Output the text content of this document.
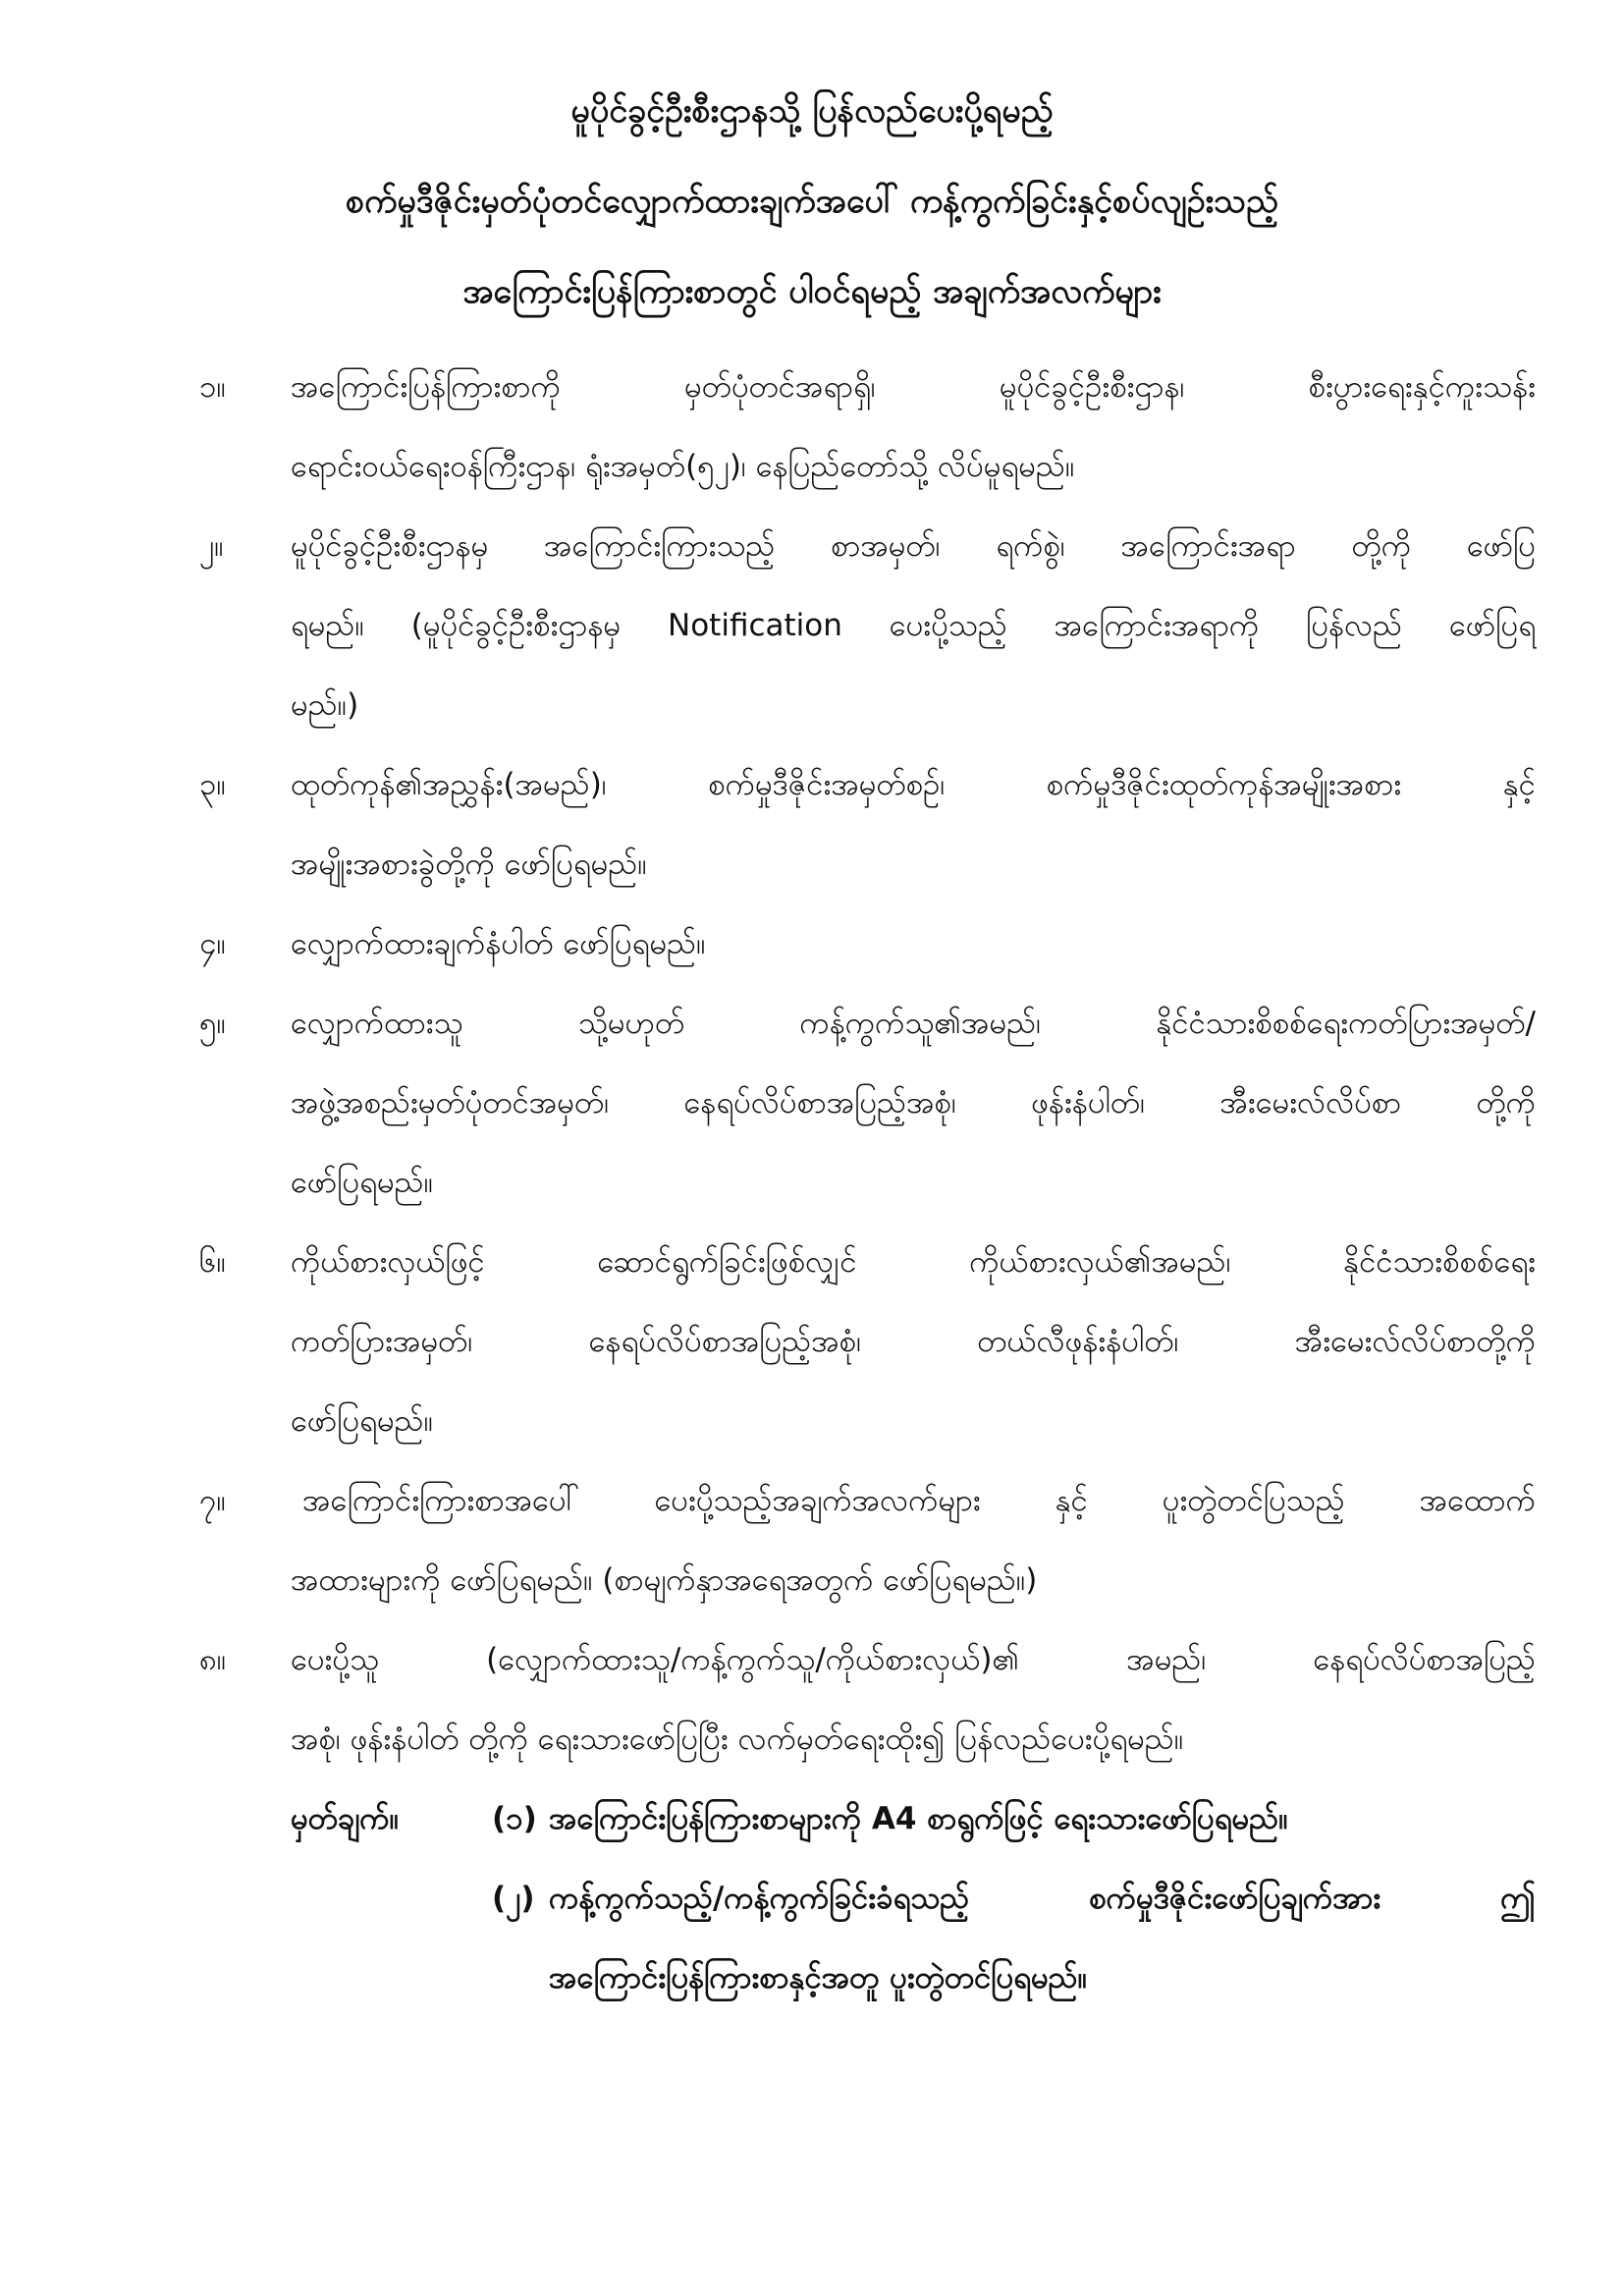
မူပိုင်ခွင့်ဦးစီးဌာနသို့ ပြန်လည်ပေးပို့ရမည့်
စက်မှုဒီဇိုင်းမှတ်ပုံတင်လျှောက်ထားချက်အပေါ် ကန့်ကွက်ခြင်းနှင့်စပ်လျဉ်းသည့်
အကြောင်းပြန်ကြားစာတွင် ပါဝင်ရမည့် အချက်အလက်များ
၁။	အကြောင်းပြန်ကြားစာကို မှတ်ပုံတင်အရာရှိ၊ မူပိုင်ခွင့်ဦးစီးဌာန၊ စီးပွားရေးနှင့်ကူးသန်း
ရောင်းဝယ်ရေးဝန်ကြီးဌာန၊ ရုံးအမှတ်(၅၂)၊ နေပြည်တော်သို့ လိပ်မူရမည်။
၂။	မူပိုင်ခွင့်ဦးစီးဌာနမှ အကြောင်းကြားသည့် စာအမှတ်၊ ရက်စွဲ၊ အကြောင်းအရာ တို့ကို ဖော်ပြ
ရမည်။ (မူပိုင်ခွင့်ဦးစီးဌာနမှ Notification ပေးပို့သည့် အကြောင်းအရာကို ပြန်လည် ဖော်ပြရ
မည်။)
၃။	ထုတ်ကုန်၏အညွှန်း(အမည်)၊ စက်မှုဒီဇိုင်းအမှတ်စဉ်၊ စက်မှုဒီဇိုင်းထုတ်ကုန်အမျိုးအစား နှင့်
အမျိုးအစားခွဲတို့ကို ဖော်ပြရမည်။
၄။	လျှောက်ထားချက်နံပါတ် ဖော်ပြရမည်။
၅။	လျှောက်ထားသူ သို့မဟုတ် ကန့်ကွက်သူ၏အမည်၊ နိုင်ငံသားစိစစ်ရေးကတ်ပြားအမှတ်/
အဖွဲ့အစည်းမှတ်ပုံတင်အမှတ်၊ နေရပ်လိပ်စာအပြည့်အစုံ၊ ဖုန်းနံပါတ်၊ အီးမေးလ်လိပ်စာ တို့ကို
ဖော်ပြရမည်။
၆။	ကိုယ်စားလှယ်ဖြင့် ဆောင်ရွက်ခြင်းဖြစ်လျှင် ကိုယ်စားလှယ်၏အမည်၊ နိုင်ငံသားစိစစ်ရေး
ကတ်ပြားအမှတ်၊ နေရပ်လိပ်စာအပြည့်အစုံ၊ တယ်လီဖုန်းနံပါတ်၊ အီးမေးလ်လိပ်စာတို့ကို
ဖော်ပြရမည်။
၇။	အကြောင်းကြားစာအပေါ် ပေးပို့သည့်အချက်အလက်များ နှင့် ပူးတွဲတင်ပြသည့် အထောက်
အထားများကို ဖော်ပြရမည်။ (စာမျက်နှာအရေအတွက် ဖော်ပြရမည်။)
၈။	ပေးပို့သူ (လျှောက်ထားသူ/ကန့်ကွက်သူ/ကိုယ်စားလှယ်)၏ အမည်၊ နေရပ်လိပ်စာအပြည့်
အစုံ၊ ဖုန်းနံပါတ် တို့ကို ရေးသားဖော်ပြပြီး လက်မှတ်ရေးထိုး၍ ပြန်လည်ပေးပို့ရမည်။
မှတ်ချက်။	(၁) အကြောင်းပြန်ကြားစာများကို A4 စာရွက်ဖြင့် ရေးသားဖော်ပြရမည်။
(၂) ကန့်ကွက်သည့်/ကန့်ကွက်ခြင်းခံရသည့် စက်မှုဒီဇိုင်းဖော်ပြချက်အား ဤ
အကြောင်းပြန်ကြားစာနှင့်အတူ ပူးတွဲတင်ပြရမည်။
